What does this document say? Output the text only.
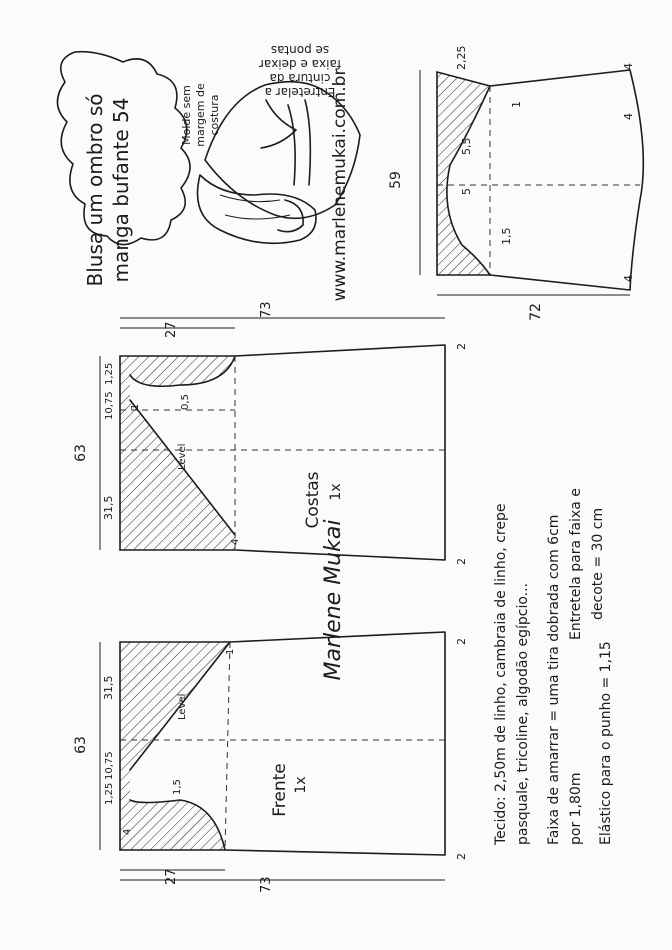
Blusa um ombro só manga bufante 54	www.marlenemukai.com.br
Molde sem margem de costura
Entretelar a
cintura da
faixa e deixar
se pontas
59
72
2,25
5,5
5
1,5
1
4
4
4
63
31,5
10,75
1,25
1
27
73
0,5
2
2
4
Level
Costas 1x
Marlene Mukai
63
31,5
10,75
1,25
4
27	73
1,5
2
2
1
Level
Frente 1x	Tecido: 2,50m de linho, cambraia de linho, crepe pasquale, tricoline, algodão egípcio... Faixa de amarrar = uma tira dobrada com 6cm por 1,80m
Entretela para faixa e decote = 30 cm
Elástico para o punho = 1,15
